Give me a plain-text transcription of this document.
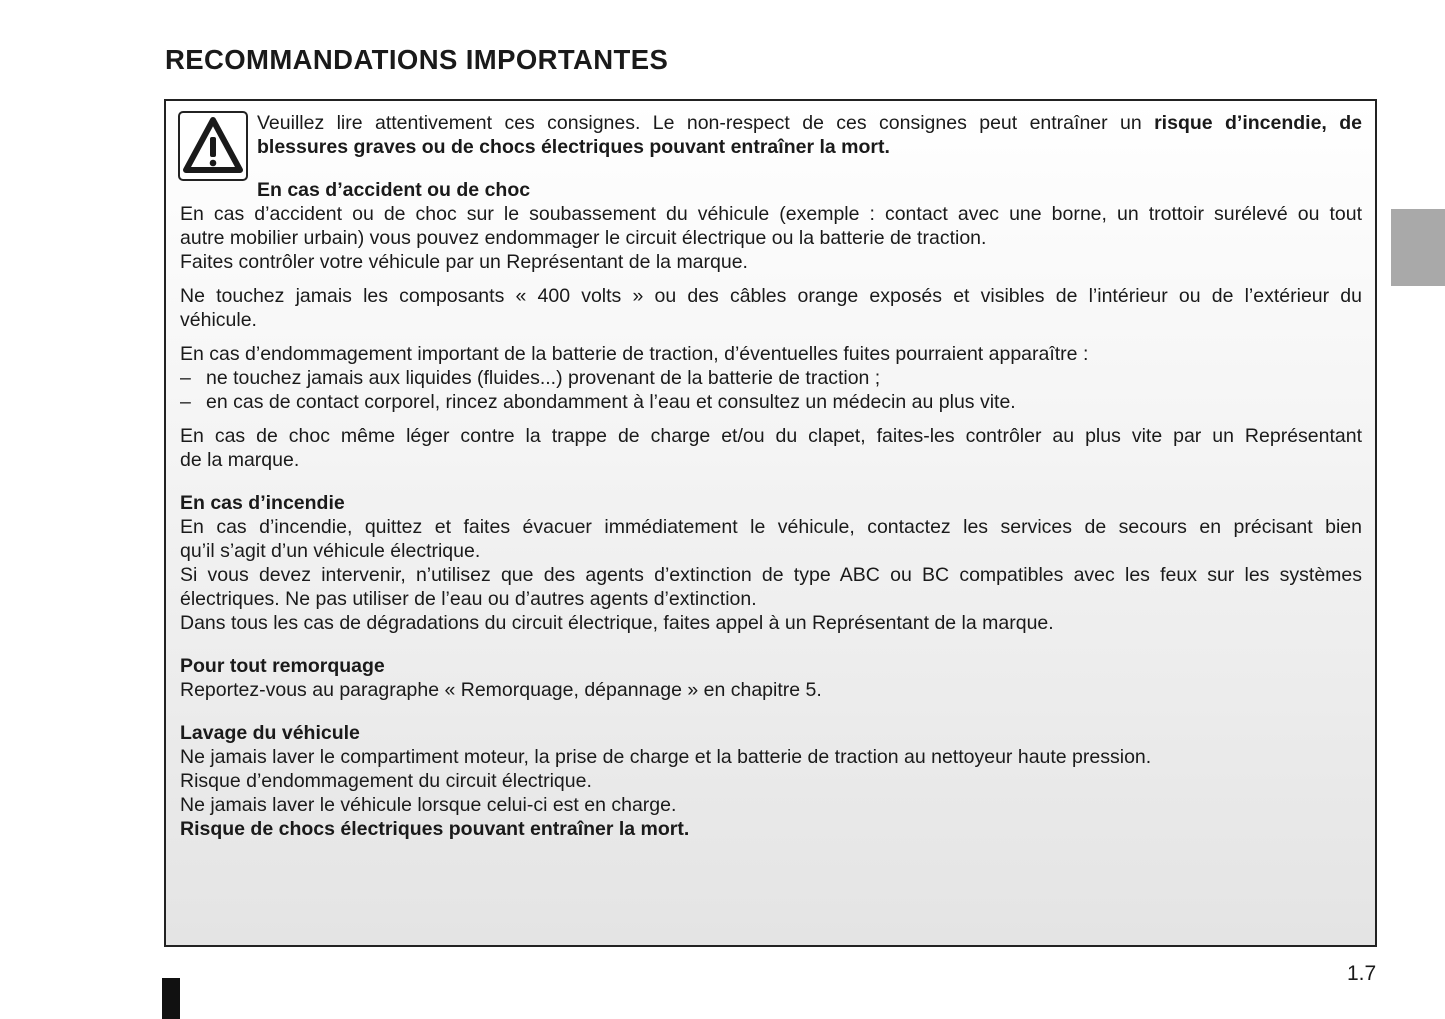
RECOMMANDATIONS IMPORTANTES
Veuillez lire attentivement ces consignes. Le non-respect de ces consignes peut entraîner un risque d’incendie, de
blessures graves ou de chocs électriques pouvant entraîner la mort.
En cas d’accident ou de choc
En cas d’accident ou de choc sur le soubassement du véhicule (exemple : contact avec une borne, un trottoir surélevé ou tout
autre mobilier urbain) vous pouvez endommager le circuit électrique ou la batterie de traction.
Faites contrôler votre véhicule par un Représentant de la marque.
Ne touchez jamais les composants « 400 volts » ou des câbles orange exposés et visibles de l’intérieur ou de l’extérieur du
véhicule.
En cas d’endommagement important de la batterie de traction, d’éventuelles fuites pourraient apparaître :
– ne touchez jamais aux liquides (fluides...) provenant de la batterie de traction ;
– en cas de contact corporel, rincez abondamment à l’eau et consultez un médecin au plus vite.
En cas de choc même léger contre la trappe de charge et/ou du clapet, faites-les contrôler au plus vite par un Représentant
de la marque.
En cas d’incendie
En cas d’incendie, quittez et faites évacuer immédiatement le véhicule, contactez les services de secours en précisant bien
qu’il s’agit d’un véhicule électrique.
Si vous devez intervenir, n’utilisez que des agents d’extinction de type ABC ou BC compatibles avec les feux sur les systèmes
électriques. Ne pas utiliser de l’eau ou d’autres agents d’extinction.
Dans tous les cas de dégradations du circuit électrique, faites appel à un Représentant de la marque.
Pour tout remorquage
Reportez-vous au paragraphe « Remorquage, dépannage » en chapitre 5.
Lavage du véhicule
Ne jamais laver le compartiment moteur, la prise de charge et la batterie de traction au nettoyeur haute pression.
Risque d’endommagement du circuit électrique.
Ne jamais laver le véhicule lorsque celui-ci est en charge.
Risque de chocs électriques pouvant entraîner la mort.
1.7
